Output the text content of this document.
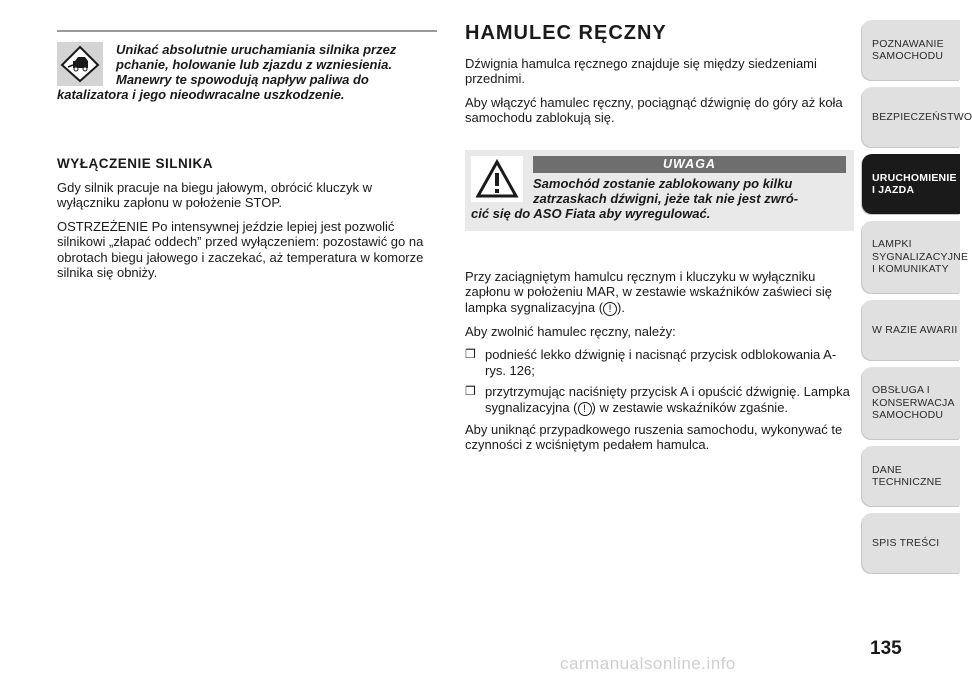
Unikać absolutnie uruchamiania silnika przez pchanie, holowanie lub zjazdu z wzniesienia. Manewry te spowodują napływ paliwa do
katalizatora i jego nieodwracalne uszkodzenie.
WYŁĄCZENIE SILNIKA

Gdy silnik pracuje na biegu jałowym, obrócić kluczyk w wyłączniku zapłonu w położenie STOP.

OSTRZEŻENIE Po intensywnej jeździe lepiej jest pozwolić silnikowi „złapać oddech” przed wyłączeniem: pozostawić go na obrotach biegu jałowego i zaczekać, aż temperatura w komorze silnika się obniży.

HAMULEC RĘCZNY

Dźwignia hamulca ręcznego znajduje się między siedzeniami przednimi.

Aby włączyć hamulec ręczny, pociągnąć dźwignię do góry aż koła samochodu zablokują się.

UWAGA
Samochód zostanie zablokowany po kilku zatrzaskach dźwigni, jeże tak nie jest zwró-
cić się do ASO Fiata aby wyregulować.

Przy zaciągniętym hamulcu ręcznym i kluczyku w wyłączniku zapłonu w położeniu MAR, w zestawie wskaźników zaświeci się lampka sygnalizacyjna ( ! ).

Aby zwolnić hamulec ręczny, należy:

❒ podnieść lekko dźwignię i nacisnąć przycisk odblokowania A-rys. 126;
❒ przytrzymując naciśnięty przycisk A i opuścić dźwignię. Lampka sygnalizacyjna ( ! ) w zestawie wskaźników zgaśnie.

Aby uniknąć przypadkowego ruszenia samochodu, wykonywać te czynności z wciśniętym pedałem hamulca.

POZNAWANIE SAMOCHODU
BEZPIECZEŃSTWO
URUCHOMIENIE I JAZDA
LAMPKI SYGNALIZACYJNE I KOMUNIKATY
W RAZIE AWARII
OBSŁUGA I KONSERWACJA SAMOCHODU
DANE TECHNICZNE
SPIS TREŚCI
135
carmanualsonline.info
